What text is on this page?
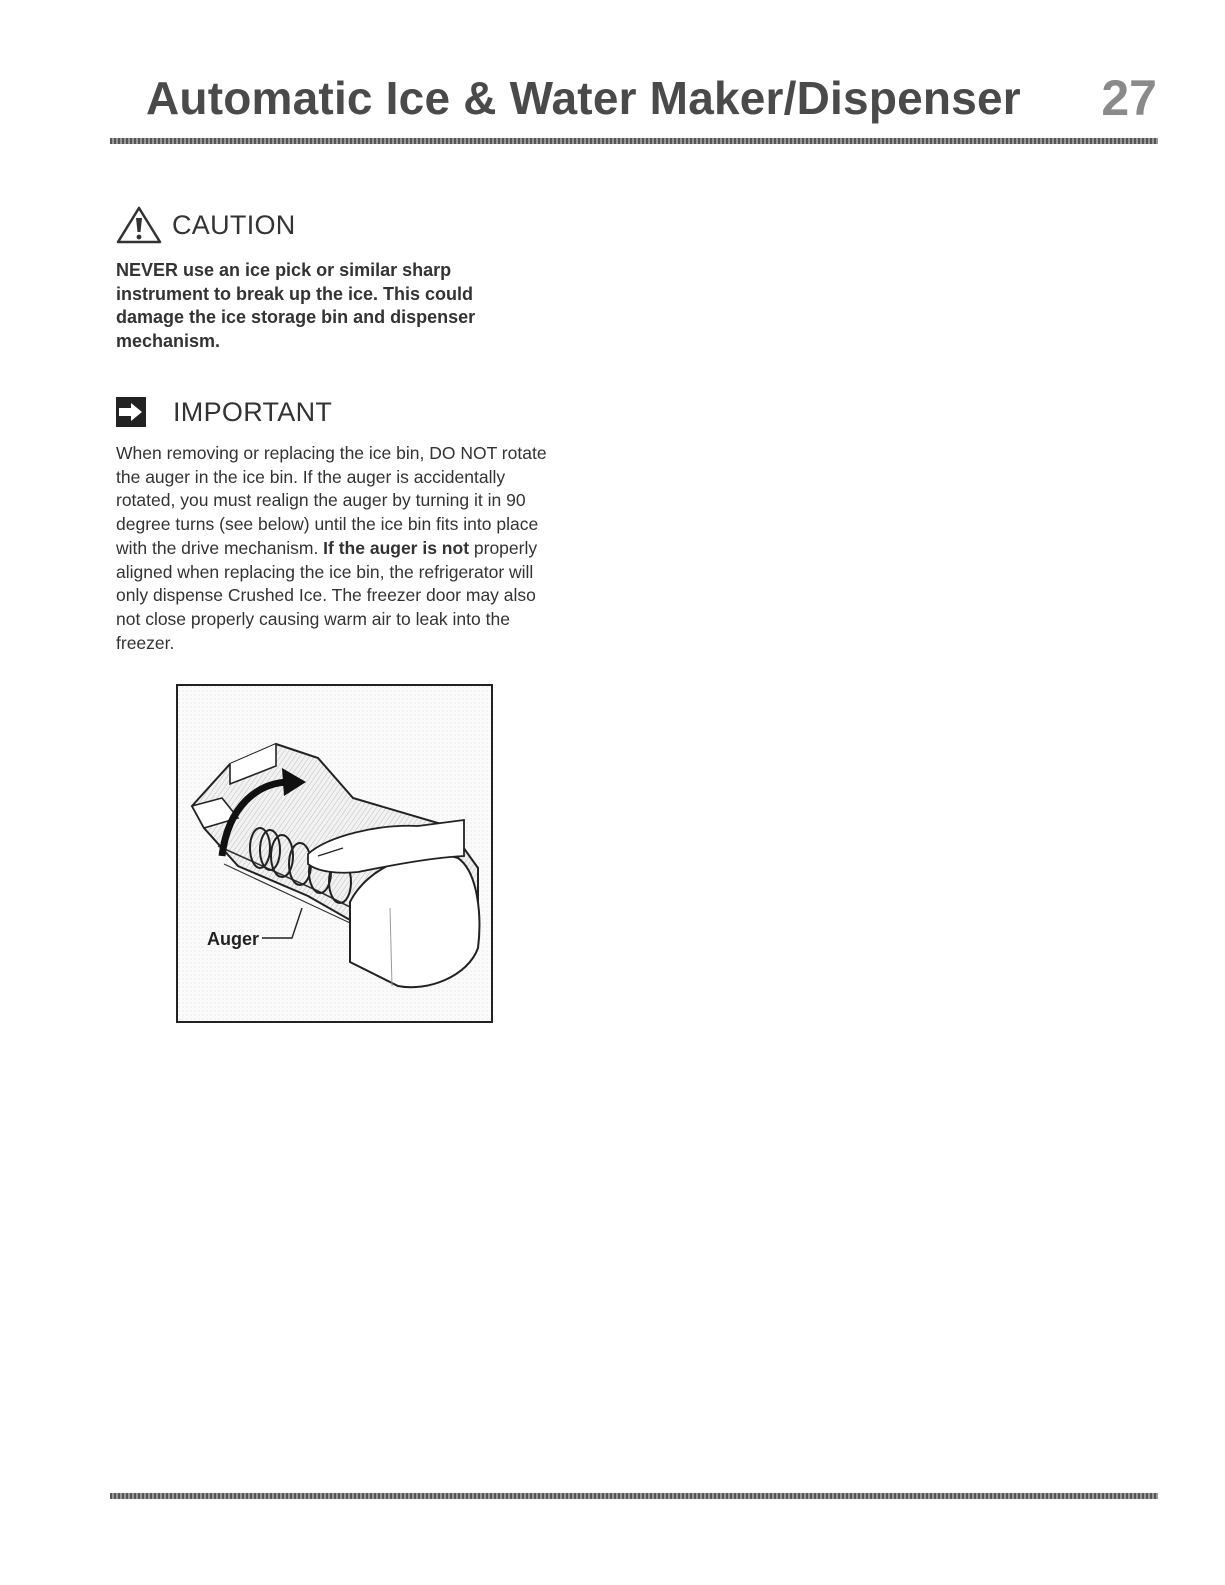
Automatic Ice & Water Maker/Dispenser 27
CAUTION
NEVER use an ice pick or similar sharp instrument to break up the ice. This could damage the ice storage bin and dispenser mechanism.
IMPORTANT
When removing or replacing the ice bin, DO NOT rotate the auger in the ice bin. If the auger is accidentally rotated, you must realign the auger by turning it in 90 degree turns (see below) until the ice bin fits into place with the drive mechanism. If the auger is not properly aligned when replacing the ice bin, the refrigerator will only dispense Crushed Ice. The freezer door may also not close properly causing warm air to leak into the freezer.
Auger
